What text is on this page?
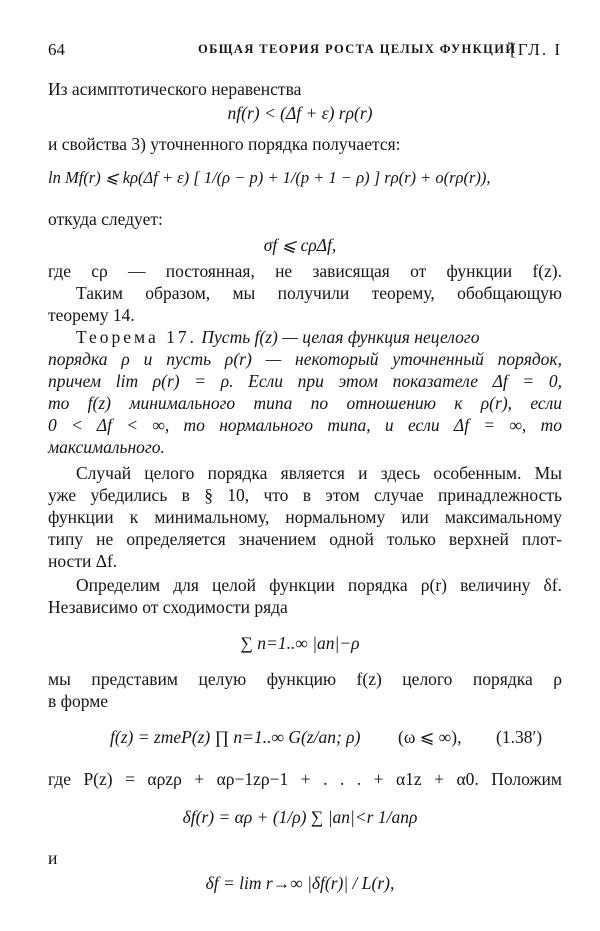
64	ОБЩАЯ ТЕОРИЯ РОСТА ЦЕЛЫХ ФУНКЦИЙ
[ГЛ. I
Из асимптотического неравенства
nf(r) < (Δf + ε) rρ(r)
и свойства 3) уточненного порядка получается:
ln Mf(r) ⩽ kρ(Δf + ε) [ 1/(ρ − p) + 1/(p + 1 − ρ) ] rρ(r) + o(rρ(r)),
откуда следует:
σf ⩽ cρΔf,
где cρ — постоянная, не зависящая от функции f(z).
Таким образом, мы получили теорему, обобщающую
теорему 14.
Теорема 17. Пусть f(z) — целая функция нецелого
порядка ρ и пусть ρ(r) — некоторый уточненный порядок,
причем lim ρ(r) = ρ. Если при этом показателе Δf = 0,
то f(z) минимального типа по отношению к ρ(r), если
0 < Δf < ∞, то нормального типа, и если Δf = ∞, то
максимального.
Случай целого порядка является и здесь особенным. Мы
уже убедились в § 10, что в этом случае принадлежность
функции к минимальному, нормальному или максимальному
типу не определяется значением одной только верхней плот-
ности Δf.
Определим для целой функции порядка ρ(r) величину δf.
Независимо от сходимости ряда
∑ n=1..∞ |an|−ρ
мы представим целую функцию f(z) целого порядка ρ
в форме
f(z) = zmeP(z) ∏ n=1..∞ G(z/an; ρ) (ω ⩽ ∞), (1.38′)
где P(z) = αρzρ + αρ−1zρ−1 + . . . + α1z + α0. Положим
δf(r) = αρ + (1/ρ) ∑ |an|<r 1/anρ
и
δf = lim r→∞ |δf(r)| / L(r),
